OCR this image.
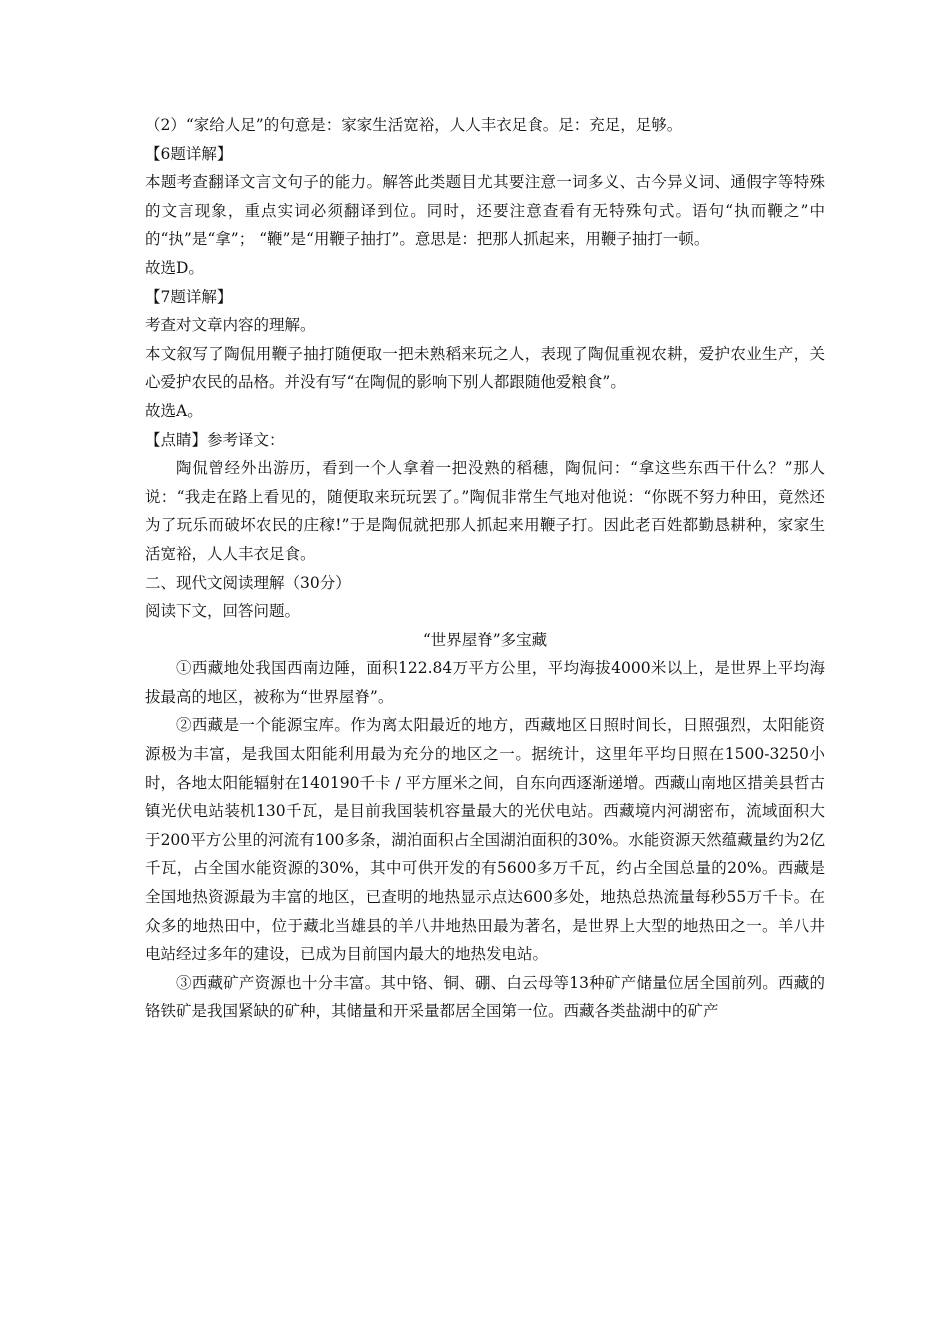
（2）“家给人足”的句意是：家家生活宽裕，人人丰衣足食。足：充足，足够。

【6题详解】

本题考查翻译文言文句子的能力。解答此类题目尤其要注意一词多义、古今异义词、通假字等特殊的文言现象，重点实词必须翻译到位。同时，还要注意查看有无特殊句式。语句“执而鞭之”中的“执”是“拿”； “鞭”是“用鞭子抽打”。意思是：把那人抓起来，用鞭子抽打一顿。

故选D。

【7题详解】

考查对文章内容的理解。

本文叙写了陶侃用鞭子抽打随便取一把未熟稻来玩之人，表现了陶侃重视农耕，爱护农业生产，关心爱护农民的品格。并没有写“在陶侃的影响下别人都跟随他爱粮食”。

故选A。

【点睛】参考译文：

陶侃曾经外出游历，看到一个人拿着一把没熟的稻穗，陶侃问：“拿这些东西干什么？”那人说：“我走在路上看见的，随便取来玩玩罢了。”陶侃非常生气地对他说：“你既不努力种田，竟然还为了玩乐而破坏农民的庄稼!”于是陶侃就把那人抓起来用鞭子打。因此老百姓都勤恳耕种，家家生活宽裕，人人丰衣足食。

二、现代文阅读理解（30分）

阅读下文，回答问题。

“世界屋脊”多宝藏

①西藏地处我国西南边陲，面积122.84万平方公里，平均海拔4000米以上，是世界上平均海拔最高的地区，被称为“世界屋脊”。

②西藏是一个能源宝库。作为离太阳最近的地方，西藏地区日照时间长，日照强烈，太阳能资源极为丰富，是我国太阳能利用最为充分的地区之一。据统计，这里年平均日照在1500-3250小时，各地太阳能辐射在140190千卡 / 平方厘米之间，自东向西逐渐递增。西藏山南地区措美县哲古镇光伏电站装机130千瓦，是目前我国装机容量最大的光伏电站。西藏境内河湖密布，流域面积大于200平方公里的河流有100多条，湖泊面积占全国湖泊面积的30%。水能资源天然蕴藏量约为2亿千瓦，占全国水能资源的30%，其中可供开发的有5600多万千瓦，约占全国总量的20%。西藏是全国地热资源最为丰富的地区，已查明的地热显示点达600多处，地热总热流量每秒55万千卡。在众多的地热田中，位于藏北当雄县的羊八井地热田最为著名，是世界上大型的地热田之一。羊八井电站经过多年的建设，已成为目前国内最大的地热发电站。

③西藏矿产资源也十分丰富。其中铬、铜、硼、白云母等13种矿产储量位居全国前列。西藏的铬铁矿是我国紧缺的矿种，其储量和开采量都居全国第一位。西藏各类盐湖中的矿产
